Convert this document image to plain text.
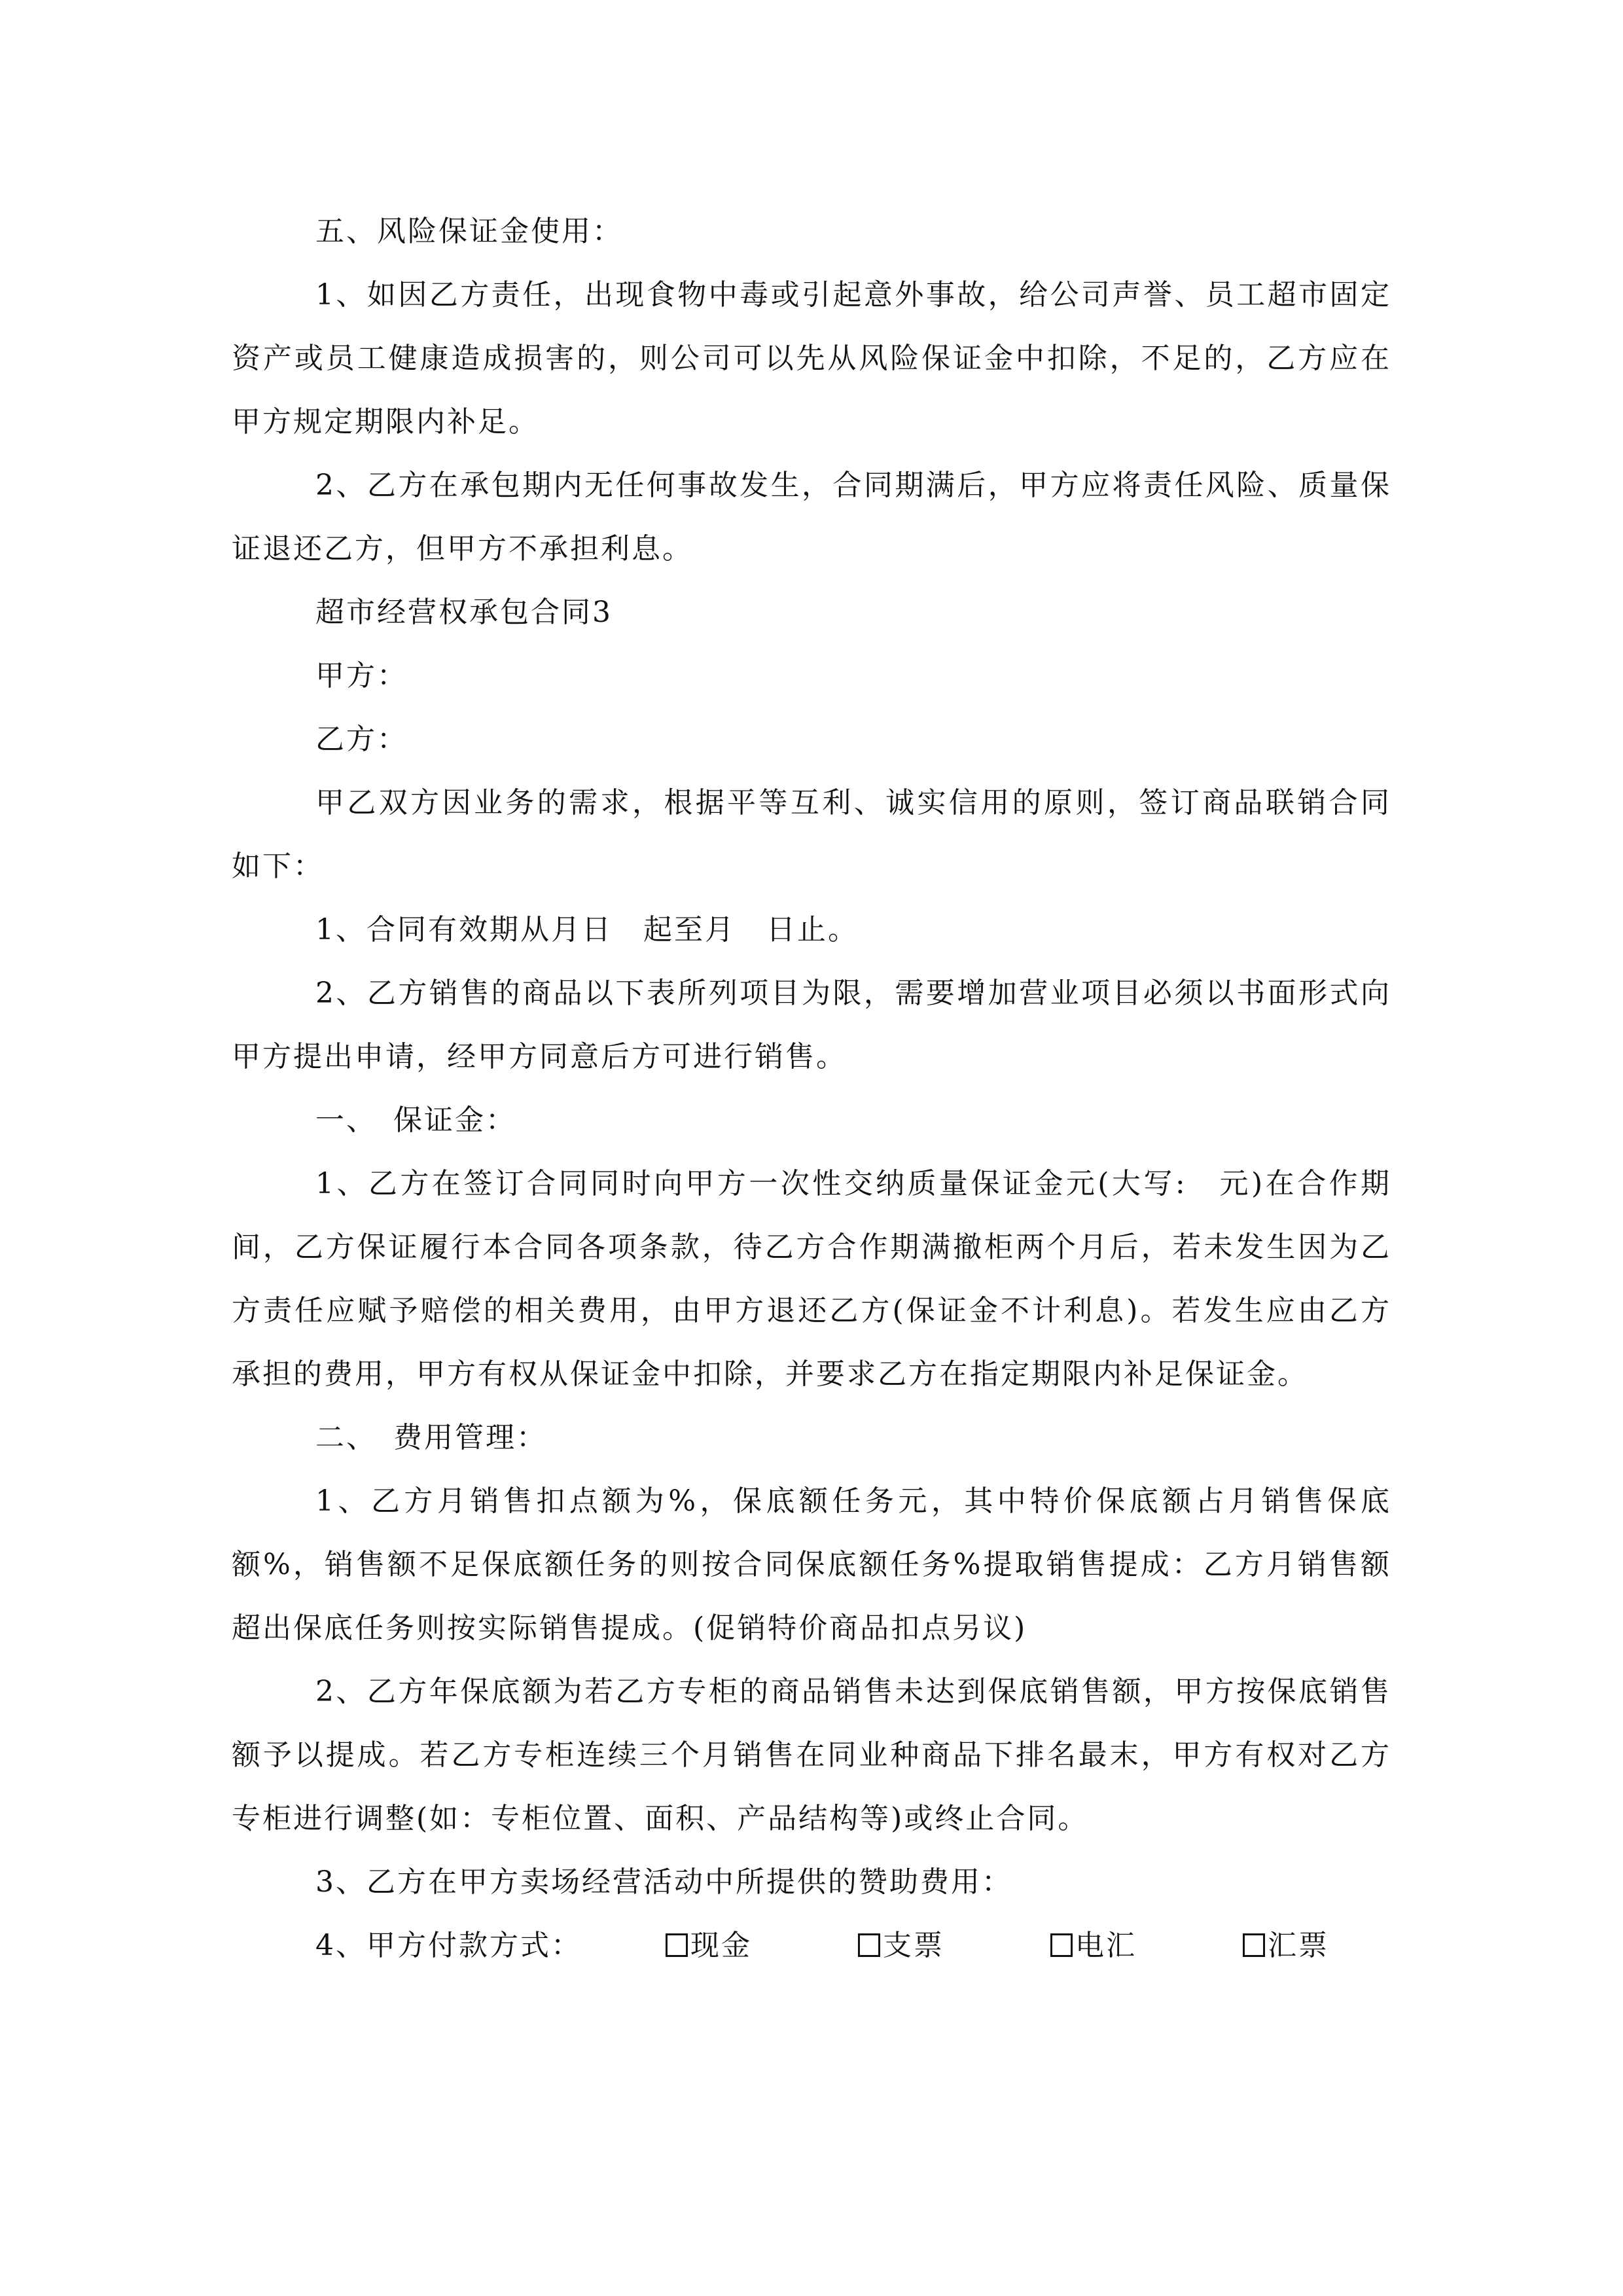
五、风险保证金使用：

1、如因乙方责任，出现食物中毒或引起意外事故，给公司声誉、员工超市固定资产或员工健康造成损害的，则公司可以先从风险保证金中扣除，不足的，乙方应在甲方规定期限内补足。

2、乙方在承包期内无任何事故发生，合同期满后，甲方应将责任风险、质量保证退还乙方，但甲方不承担利息。

超市经营权承包合同3

甲方：

乙方：

甲乙双方因业务的需求，根据平等互利、诚实信用的原则，签订商品联销合同如下：

1、合同有效期从月日　起至月　日止。

2、乙方销售的商品以下表所列项目为限，需要增加营业项目必须以书面形式向甲方提出申请，经甲方同意后方可进行销售。

一、　保证金：

1、乙方在签订合同同时向甲方一次性交纳质量保证金元(大写:　元)在合作期间，乙方保证履行本合同各项条款，待乙方合作期满撤柜两个月后，若未发生因为乙方责任应赋予赔偿的相关费用，由甲方退还乙方(保证金不计利息)。若发生应由乙方承担的费用，甲方有权从保证金中扣除，并要求乙方在指定期限内补足保证金。

二、　费用管理：

1、乙方月销售扣点额为%，保底额任务元，其中特价保底额占月销售保底额%，销售额不足保底额任务的则按合同保底额任务%提取销售提成：乙方月销售额超出保底任务则按实际销售提成。(促销特价商品扣点另议)

2、乙方年保底额为若乙方专柜的商品销售未达到保底销售额，甲方按保底销售额予以提成。若乙方专柜连续三个月销售在同业种商品下排名最末，甲方有权对乙方专柜进行调整(如：专柜位置、面积、产品结构等)或终止合同。

3、乙方在甲方卖场经营活动中所提供的赞助费用：

4、甲方付款方式：	现金	支票	电汇	汇票
